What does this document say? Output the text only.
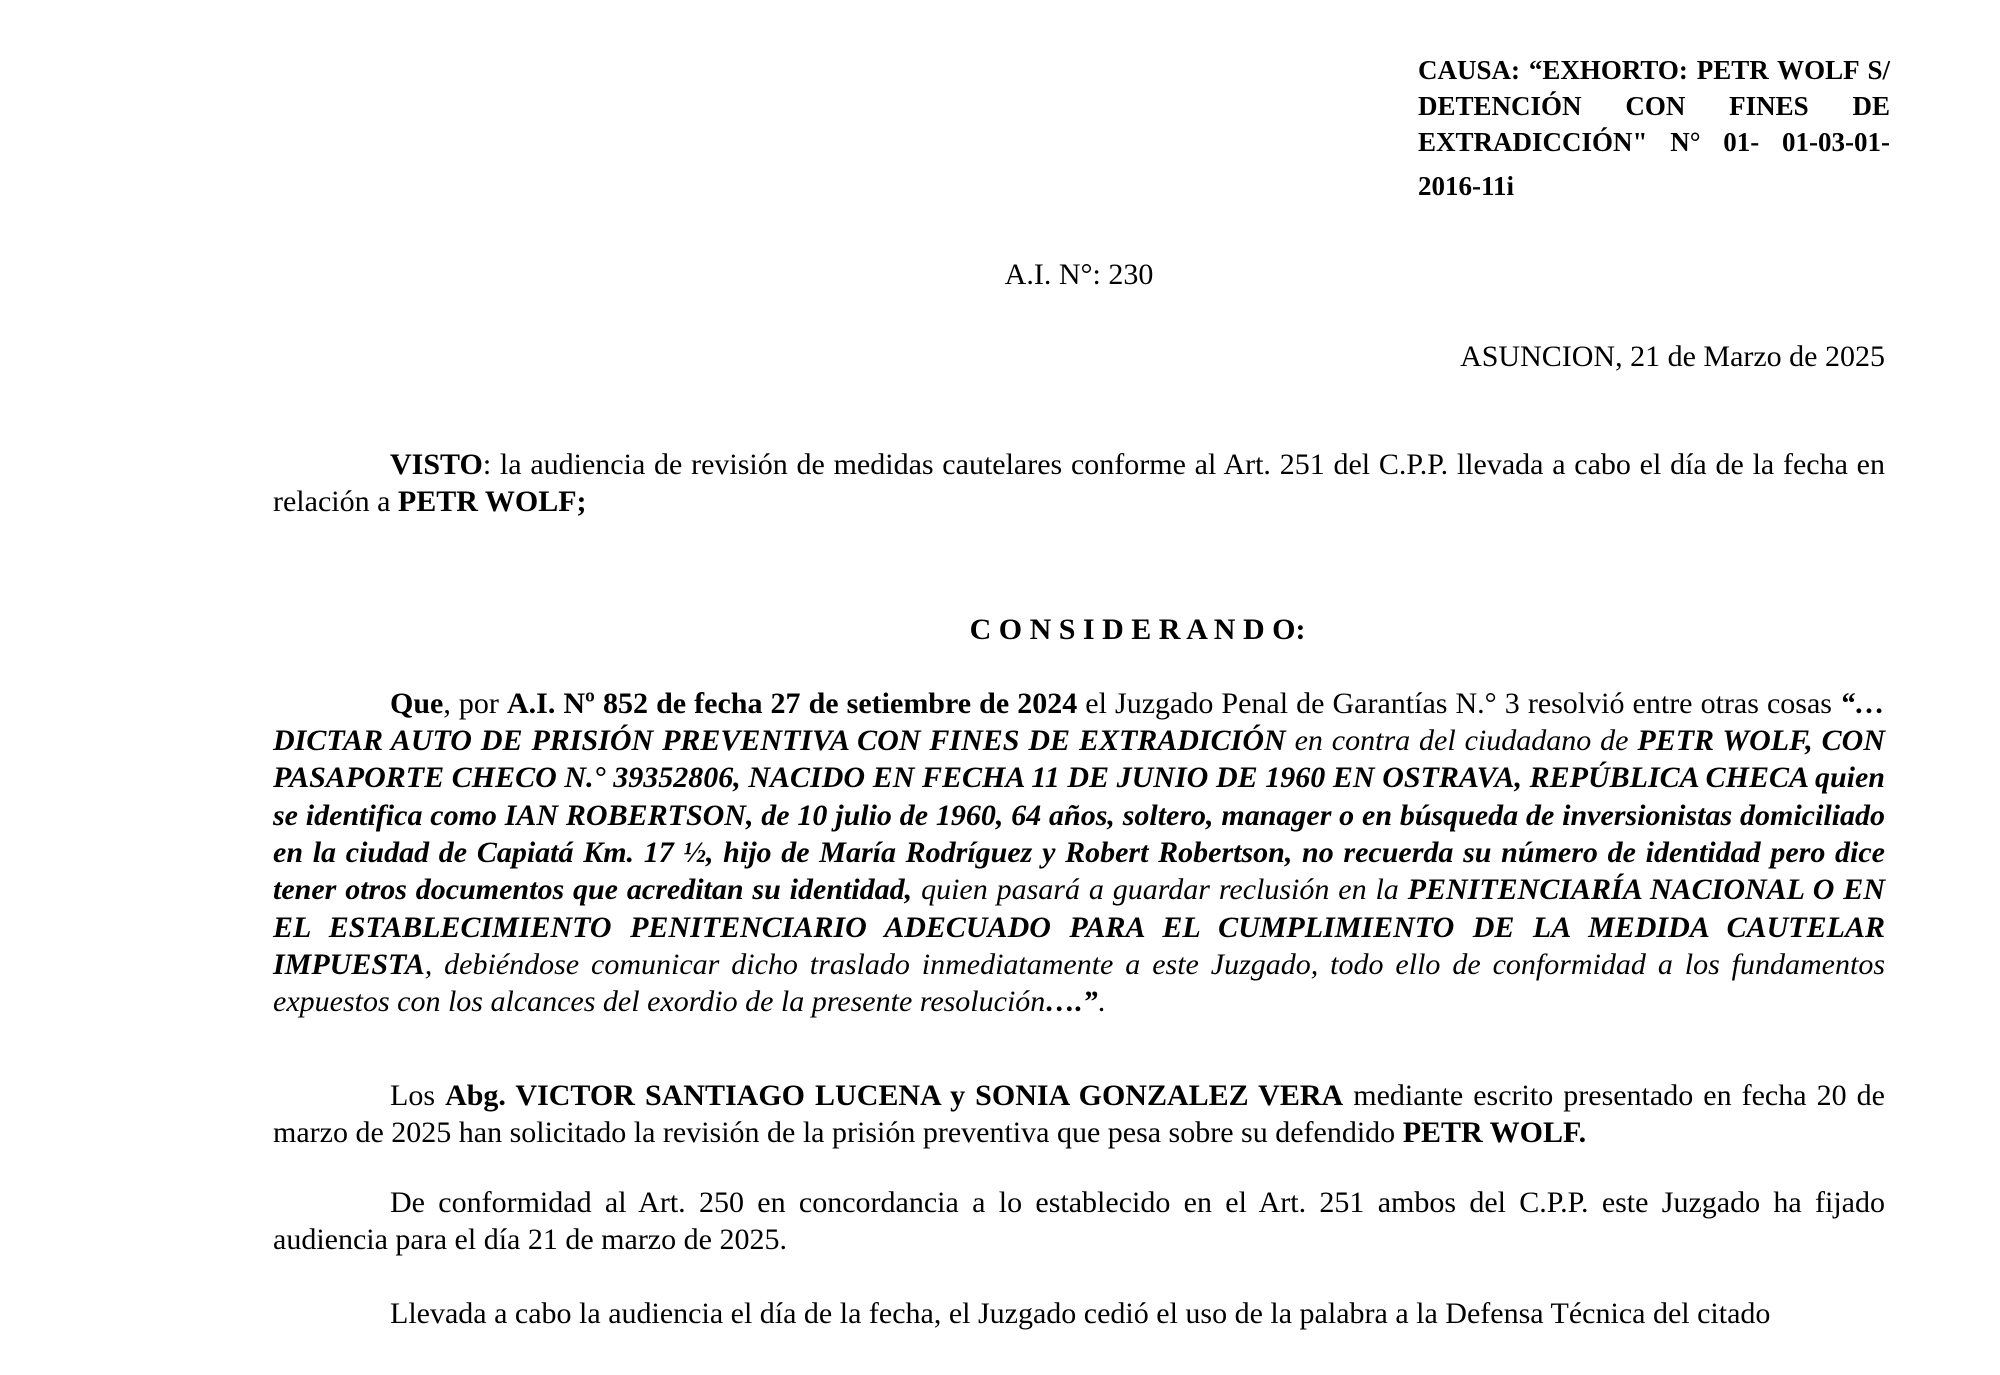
CAUSA: “EXHORTO: PETR WOLF S/
DETENCIÓN CON FINES DE
EXTRADICCIÓN" N° 01- 01-03-01-
2016-11i
A.I. N°: 230
ASUNCION, 21 de Marzo de 2025

VISTO: la audiencia de revisión de medidas cautelares conforme al Art. 251 del C.P.P. llevada a cabo el día de la fecha en relación a PETR WOLF;

C O N S I D E R A N D O:

Que, por A.I. Nº 852 de fecha 27 de setiembre de 2024 el Juzgado Penal de Garantías N.° 3 resolvió entre otras cosas “…DICTAR AUTO DE PRISIÓN PREVENTIVA CON FINES DE EXTRADICIÓN en contra del ciudadano de PETR WOLF, CON PASAPORTE CHECO N.° 39352806, NACIDO EN FECHA 11 DE JUNIO DE 1960 EN OSTRAVA, REPÚBLICA CHECA quien se identifica como IAN ROBERTSON, de 10 julio de 1960, 64 años, soltero, manager o en búsqueda de inversionistas domiciliado en la ciudad de Capiatá Km. 17 ½, hijo de María Rodríguez y Robert Robertson, no recuerda su número de identidad pero dice tener otros documentos que acreditan su identidad, quien pasará a guardar reclusión en la PENITENCIARÍA NACIONAL O EN EL ESTABLECIMIENTO PENITENCIARIO ADECUADO PARA EL CUMPLIMIENTO DE LA MEDIDA CAUTELAR IMPUESTA, debiéndose comunicar dicho traslado inmediatamente a este Juzgado, todo ello de conformidad a los fundamentos expuestos con los alcances del exordio de la presente resolución….”.

Los Abg. VICTOR SANTIAGO LUCENA y SONIA GONZALEZ VERA mediante escrito presentado en fecha 20 de marzo de 2025 han solicitado la revisión de la prisión preventiva que pesa sobre su defendido PETR WOLF.

De conformidad al Art. 250 en concordancia a lo establecido en el Art. 251 ambos del C.P.P. este Juzgado ha fijado audiencia para el día 21 de marzo de 2025.

Llevada a cabo la audiencia el día de la fecha, el Juzgado cedió el uso de la palabra a la Defensa Técnica del citado
